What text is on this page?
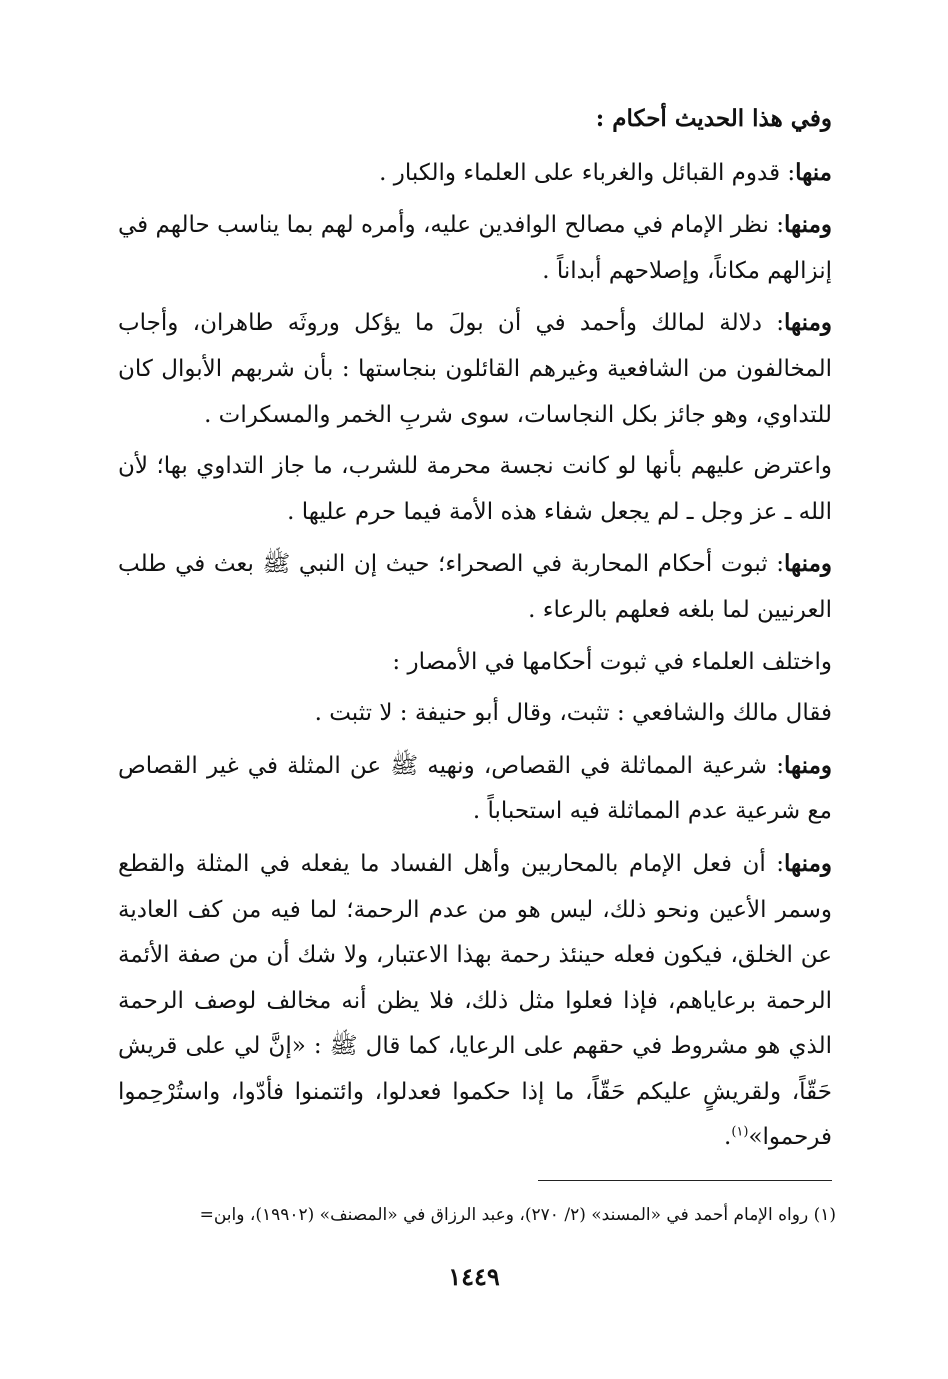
وفي هذا الحديث أحكام :

منها: قدوم القبائل والغرباء على العلماء والكبار .

ومنها: نظر الإمام في مصالح الوافدين عليه، وأمره لهم بما يناسب حالهم في إنزالهم مكاناً، وإصلاحهم أبداناً .

ومنها: دلالة لمالك وأحمد في أن بولَ ما يؤكل وروثَه طاهران، وأجاب المخالفون من الشافعية وغيرهم القائلون بنجاستها : بأن شربهم الأبوال كان للتداوي، وهو جائز بكل النجاسات، سوى شربِ الخمر والمسكرات .

واعترض عليهم بأنها لو كانت نجسة محرمة للشرب، ما جاز التداوي بها؛ لأن الله ـ عز وجل ـ لم يجعل شفاء هذه الأمة فيما حرم عليها .

ومنها: ثبوت أحكام المحاربة في الصحراء؛ حيث إن النبي ﷺ بعث في طلب العرنيين لما بلغه فعلهم بالرعاء .

واختلف العلماء في ثبوت أحكامها في الأمصار :

فقال مالك والشافعي : تثبت، وقال أبو حنيفة : لا تثبت .

ومنها: شرعية المماثلة في القصاص، ونهيه ﷺ عن المثلة في غير القصاص مع شرعية عدم المماثلة فيه استحباباً .

ومنها: أن فعل الإمام بالمحاربين وأهل الفساد ما يفعله في المثلة والقطع وسمر الأعين ونحو ذلك، ليس هو من عدم الرحمة؛ لما فيه من كف العادية عن الخلق، فيكون فعله حينئذ رحمة بهذا الاعتبار، ولا شك أن من صفة الأئمة الرحمة برعاياهم، فإذا فعلوا مثل ذلك، فلا يظن أنه مخالف لوصف الرحمة الذي هو مشروط في حقهم على الرعايا، كما قال ﷺ : «إنَّ لي على قريش حَقّاً، ولقريشٍ عليكم حَقّاً، ما إذا حكموا فعدلوا، وائتمنوا فأدّوا، واستُرْحِموا فرحموا»$^{(١)}$.

(١) رواه الإمام أحمد في «المسند» (٢/ ٢٧٠)، وعبد الرزاق في «المصنف» (١٩٩٠٢)، وابن=
١٤٤٩
